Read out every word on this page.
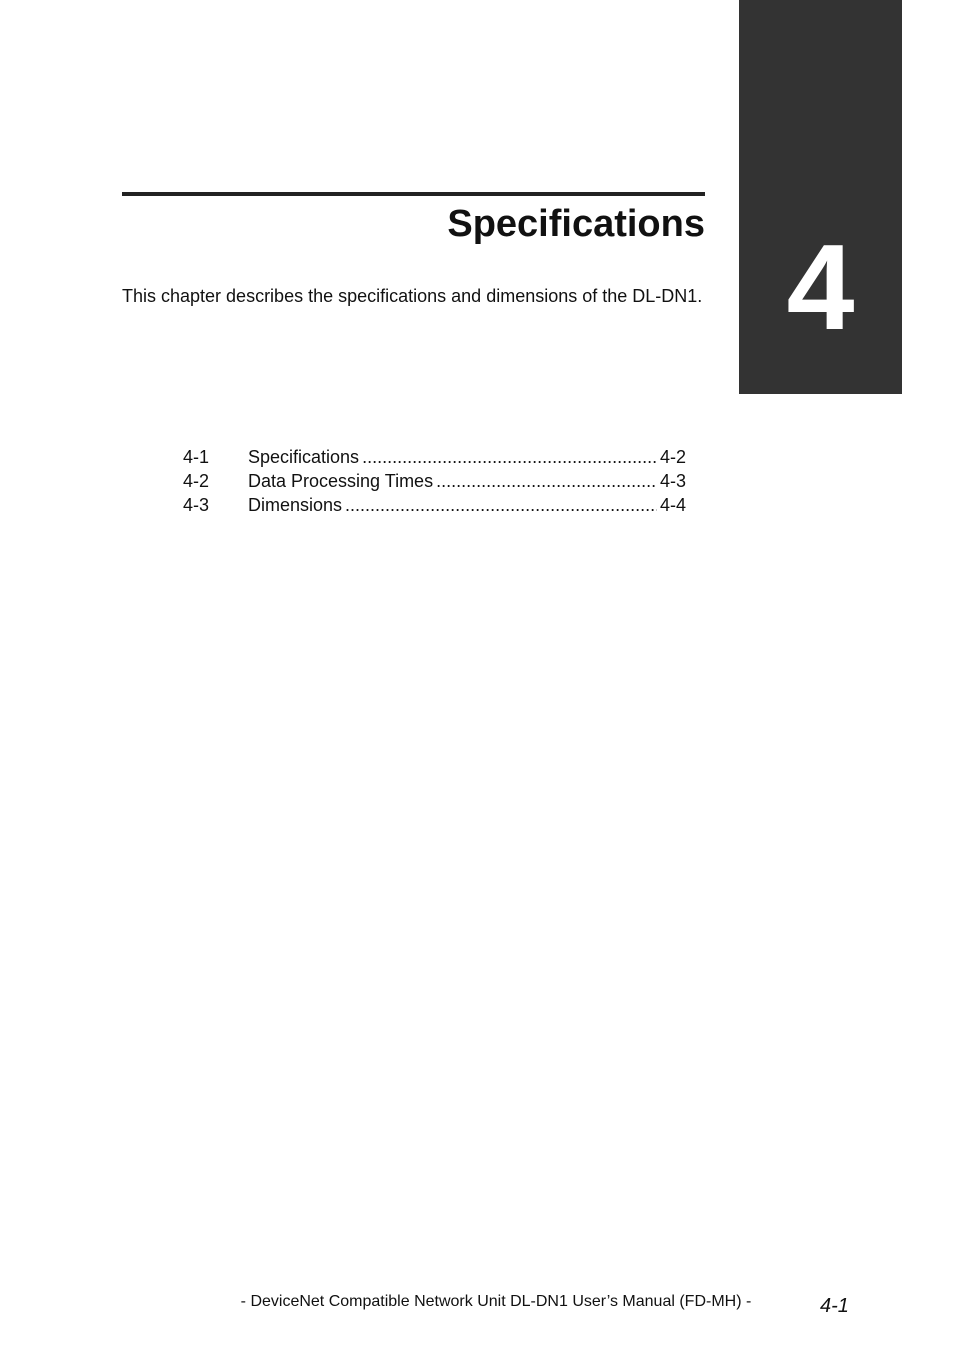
4
Specifications

This chapter describes the specifications and dimensions of the DL-DN1.

4-1	Specifications .....	4-2
4-2	Data Processing Times .....	4-3
4-3	Dimensions .....	4-4
- DeviceNet Compatible Network Unit DL-DN1 User’s Manual (FD-MH) -	4-1
